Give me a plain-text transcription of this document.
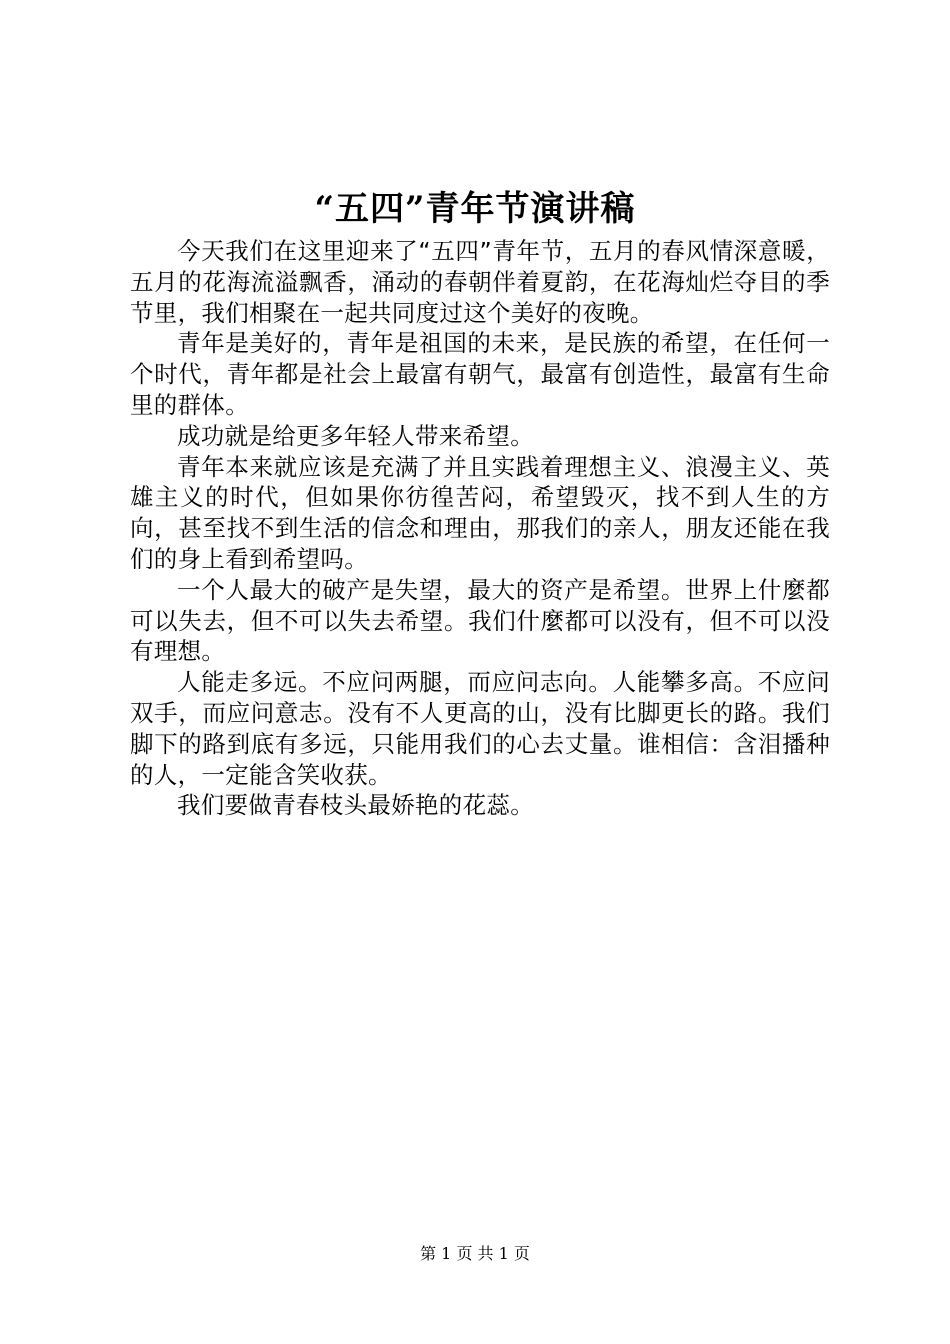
“五四”青年节演讲稿

今天我们在这里迎来了“五四”青年节，五月的春风情深意暖，五月的花海流溢飘香，涌动的春朝伴着夏韵，在花海灿烂夺目的季节里，我们相聚在一起共同度过这个美好的夜晚。

青年是美好的，青年是祖国的未来，是民族的希望，在任何一个时代，青年都是社会上最富有朝气，最富有创造性，最富有生命里的群体。

成功就是给更多年轻人带来希望。

青年本来就应该是充满了并且实践着理想主义、浪漫主义、英雄主义的时代，但如果你彷徨苦闷，希望毁灭，找不到人生的方向，甚至找不到生活的信念和理由，那我们的亲人，朋友还能在我们的身上看到希望吗。

一个人最大的破产是失望，最大的资产是希望。世界上什麼都可以失去，但不可以失去希望。我们什麼都可以没有，但不可以没有理想。

人能走多远。不应问两腿，而应问志向。人能攀多高。不应问双手，而应问意志。没有不人更高的山，没有比脚更长的路。我们脚下的路到底有多远，只能用我们的心去丈量。谁相信：含泪播种的人，一定能含笑收获。

我们要做青春枝头最娇艳的花蕊。

第 1 页 共 1 页
